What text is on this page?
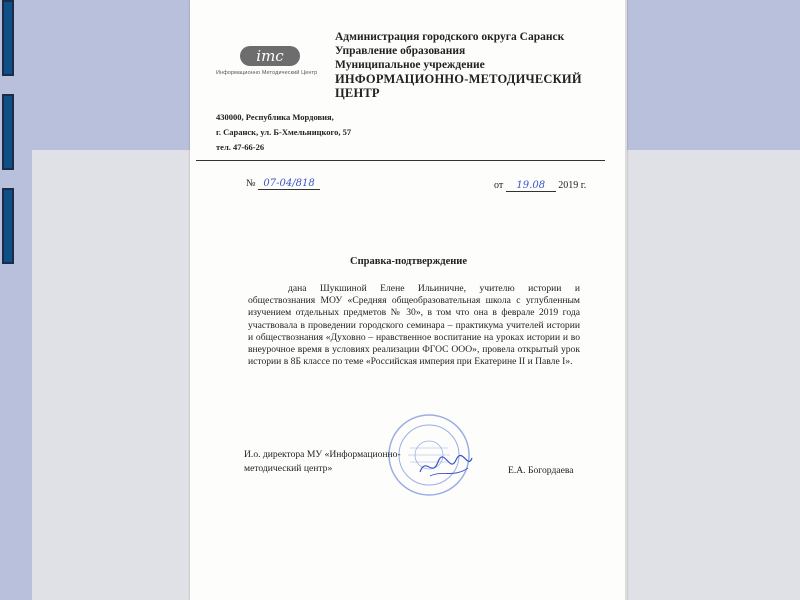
imc
Информационно Методический Центр
Администрация городского округа Саранск
Управление образования
Муниципальное учреждение
ИНФОРМАЦИОННО-МЕТОДИЧЕСКИЙ
ЦЕНТР
430000, Республика Мордовия,
г. Саранск, ул. Б-Хмельницкого, 57
тел. 47-66-26
№ 07-04/818	от 19.08 2019 г.
Справка-подтверждение
дана Шукшиной Елене Ильиничне, учителю истории и обществознания МОУ «Средняя общеобразовательная школа с углубленным изучением отдельных предметов № 30», в том что она в феврале 2019 года участвовала в проведении городского семинара – практикума учителей истории и обществознания «Духовно – нравственное воспитание на уроках истории и во внеурочное время в условиях реализации ФГОС ООО», провела открытый урок истории в 8Б классе по теме «Российская империя при Екатерине II и Павле I».
И.о. директора МУ «Информационно-
методический центр»	Е.А. Богордаева
